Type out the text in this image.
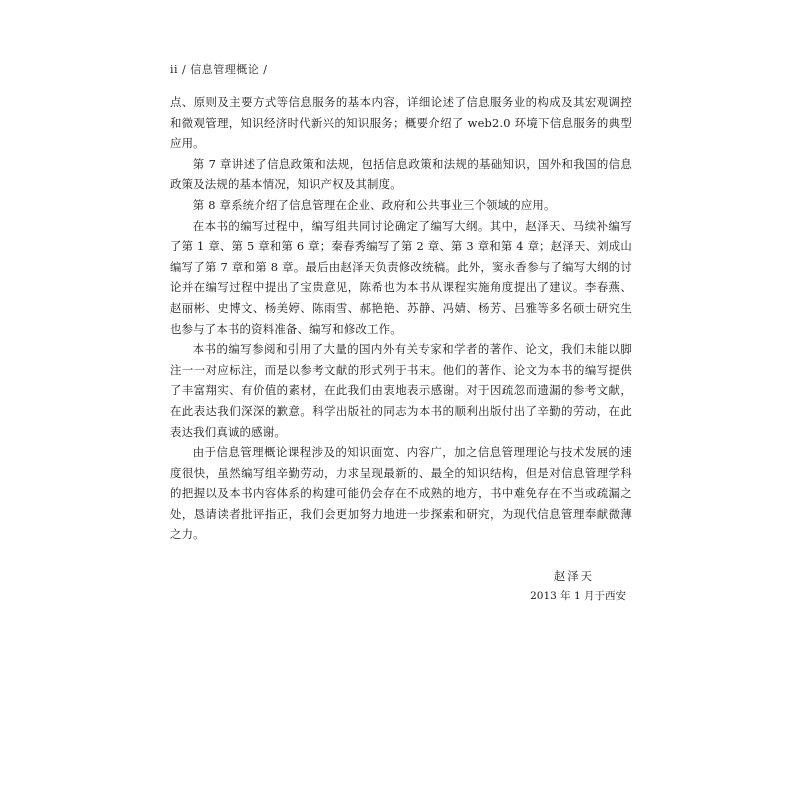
ii / 信息管理概论 /

点、原则及主要方式等信息服务的基本内容，详细论述了信息服务业的构成及其宏观调控和微观管理，知识经济时代新兴的知识服务；概要介绍了 web2.0 环境下信息服务的典型应用。

第 7 章讲述了信息政策和法规，包括信息政策和法规的基础知识，国外和我国的信息政策及法规的基本情况，知识产权及其制度。

第 8 章系统介绍了信息管理在企业、政府和公共事业三个领域的应用。

在本书的编写过程中，编写组共同讨论确定了编写大纲。其中，赵泽天、马续补编写了第 1 章、第 5 章和第 6 章；秦春秀编写了第 2 章、第 3 章和第 4 章；赵泽天、刘成山编写了第 7 章和第 8 章。最后由赵泽天负责修改统稿。此外，窦永香参与了编写大纲的讨论并在编写过程中提出了宝贵意见，陈希也为本书从课程实施角度提出了建议。李春燕、赵丽彬、史博文、杨美婷、陈雨雪、郝艳艳、苏静、冯婧、杨芳、吕雅等多名硕士研究生也参与了本书的资料准备、编写和修改工作。

本书的编写参阅和引用了大量的国内外有关专家和学者的著作、论文，我们未能以脚注一一对应标注，而是以参考文献的形式列于书末。他们的著作、论文为本书的编写提供了丰富翔实、有价值的素材，在此我们由衷地表示感谢。对于因疏忽而遗漏的参考文献，在此表达我们深深的歉意。科学出版社的同志为本书的顺利出版付出了辛勤的劳动，在此表达我们真诚的感谢。

由于信息管理概论课程涉及的知识面宽、内容广，加之信息管理理论与技术发展的速度很快，虽然编写组辛勤劳动，力求呈现最新的、最全的知识结构，但是对信息管理学科的把握以及本书内容体系的构建可能仍会存在不成熟的地方，书中难免存在不当或疏漏之处，恳请读者批评指正，我们会更加努力地进一步探索和研究，为现代信息管理奉献微薄之力。

赵泽天
2013 年 1 月于西安
